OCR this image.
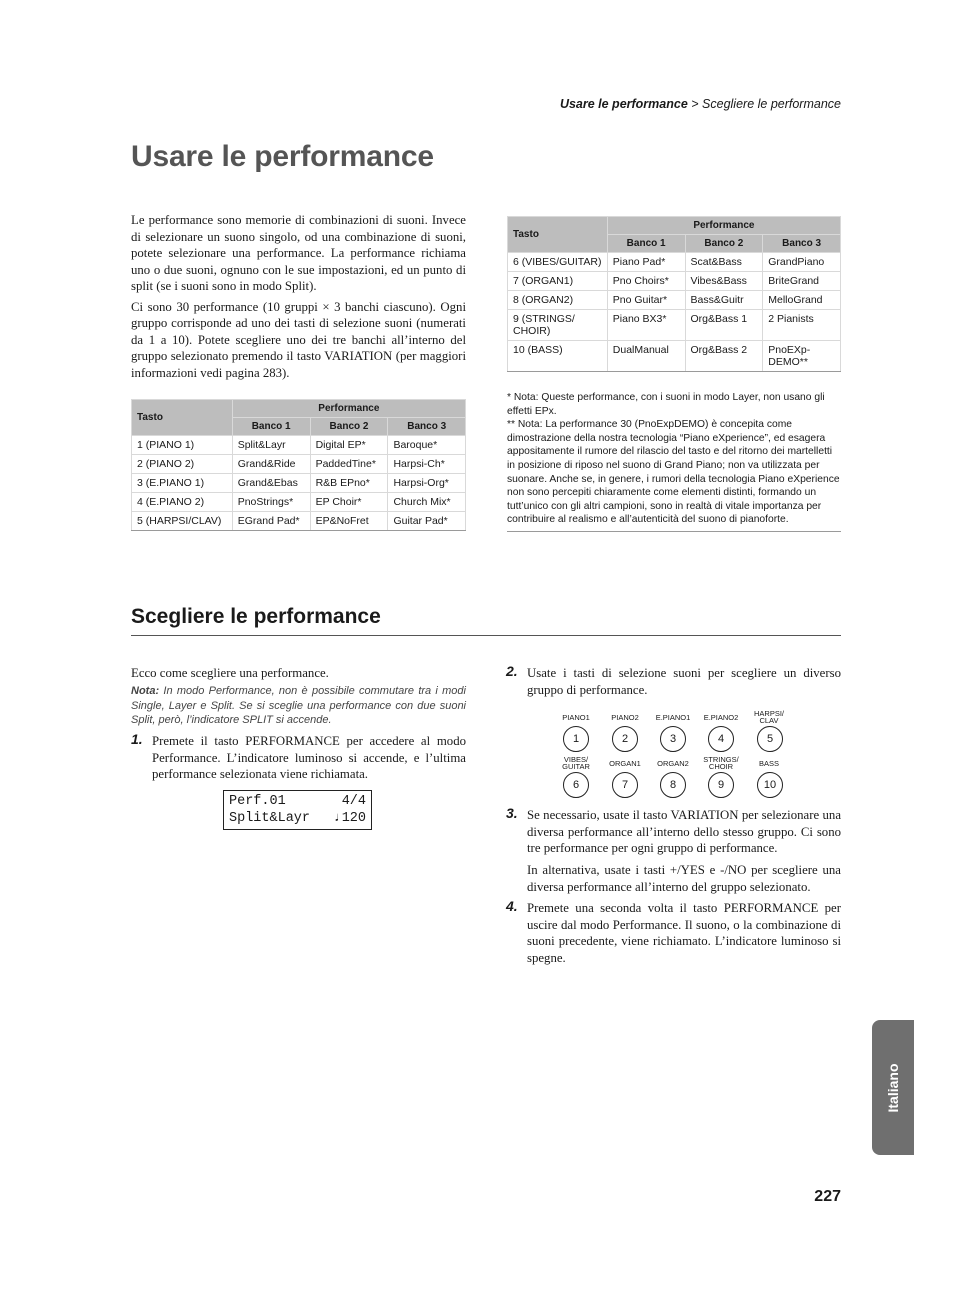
Usare le performance > Scegliere le performance
Usare le performance

Le performance sono memorie di combinazioni di suoni. Invece di selezionare un suono singolo, od una combinazione di suoni, potete selezionare una performance. La performance richiama uno o due suoni, ognuno con le sue impostazioni, ed un punto di split (se i suoni sono in modo Split).

Ci sono 30 performance (10 gruppi × 3 banchi ciascuno). Ogni gruppo corrisponde ad uno dei tasti di selezione suoni (numerati da 1 a 10). Potete scegliere uno dei tre banchi all’interno del gruppo selezionato premendo il tasto VARIATION (per maggiori informazioni vedi pagina 283).

Tasto	Performance		
	Banco 1	Banco 2	Banco 3
1 (PIANO 1)	Split&Layr	Digital EP*	Baroque*
2 (PIANO 2)	Grand&Ride	PaddedTine*	Harpsi-Ch*
3 (E.PIANO 1)	Grand&Ebas	R&B EPno*	Harpsi-Org*
4 (E.PIANO 2)	PnoStrings*	EP Choir*	Church Mix*
5 (HARPSI/CLAV)	EGrand Pad*	EP&NoFret	Guitar Pad*
Tasto	Performance		
	Banco 1	Banco 2	Banco 3
6 (VIBES/GUITAR)	Piano Pad*	Scat&Bass	GrandPiano
7 (ORGAN1)	Pno Choirs*	Vibes&Bass	BriteGrand
8 (ORGAN2)	Pno Guitar*	Bass&Guitr	MelloGrand
9 (STRINGS/ CHOIR)	Piano BX3*	Org&Bass 1	2 Pianists
10 (BASS)	DualManual	Org&Bass 2	PnoEXp-DEMO**
* Nota: Queste performance, con i suoni in modo Layer, non usano gli effetti EPx.
** Nota: La performance 30 (PnoExpDEMO) è concepita come dimostrazione della nostra tecnologia “Piano eXperience”, ed esagera appositamente il rumore del rilascio del tasto e del ritorno dei martelletti in posizione di riposo nel suono di Grand Piano; non va utilizzata per suonare. Anche se, in genere, i rumori della tecnologia Piano eXperience non sono percepiti chiaramente come elementi distinti, formando un tutt’unico con gli altri campioni, sono in realtà di vitale importanza per contribuire al realismo e all’autenticità del suono di pianoforte.
Scegliere le performance
Ecco come scegliere una performance.
Nota: In modo Performance, non è possibile commutare tra i modi Single, Layer e Split. Se si sceglie una performance con due suoni Split, però, l’indicatore SPLIT si accende.
1. Premete il tasto PERFORMANCE per accedere al modo Performance. L’indicatore luminoso si accende, e l’ultima performance selezionata viene richiamata.
Perf.01	4/4
Split&Layr ♩120
2. Usate i tasti di selezione suoni per scegliere un diverso gruppo di performance.
PIANO1	PIANO2	E.PIANO1	E.PIANO2	HARPSI/ CLAV
1	2	3	4	5
VIBES/ GUITAR	ORGAN1	ORGAN2	STRINGS/ CHOIR	BASS
6	7	8	9	10
3. Se necessario, usate il tasto VARIATION per selezionare una diversa performance all’interno dello stesso gruppo. Ci sono tre performance per ogni gruppo di performance.
In alternativa, usate i tasti +/YES e -/NO per scegliere una diversa performance all’interno del gruppo selezionato.
4. Premete una seconda volta il tasto PERFORMANCE per uscire dal modo Performance. Il suono, o la combinazione di suoni precedente, viene richiamato. L’indicatore luminoso si spegne.
Italiano
227
